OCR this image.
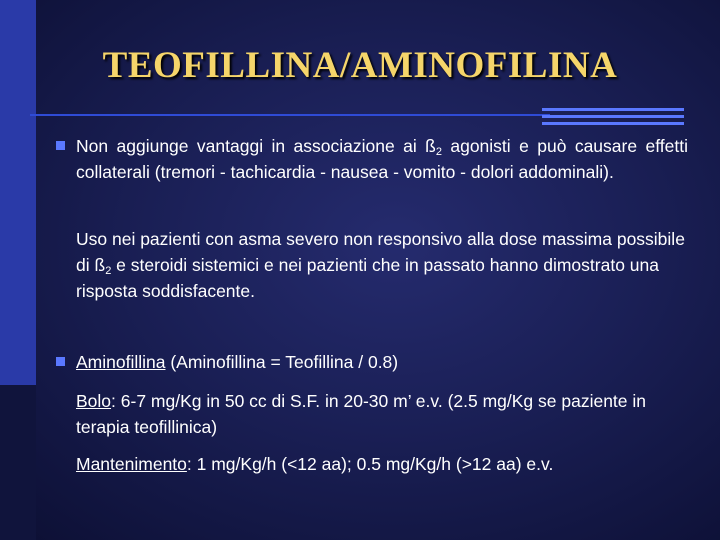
TEOFILLINA/AMINOFILINA
Non aggiunge vantaggi in associazione ai $ß_2$ agonisti e può causare effetti collaterali (tremori - tachicardia - nausea - vomito - dolori addominali).
Uso nei pazienti con asma severo non responsivo alla dose massima possibile di $ß_2$ e steroidi sistemici e nei pazienti che in passato hanno dimostrato una risposta soddisfacente.
Aminofillina (Aminofillina = Teofillina / 0.8)
Bolo: 6-7 mg/Kg in 50 cc di S.F. in 20-30 m’ e.v. (2.5 mg/Kg se paziente in terapia teofillinica)
Mantenimento: 1 mg/Kg/h (<12 aa); 0.5 mg/Kg/h (>12 aa) e.v.
